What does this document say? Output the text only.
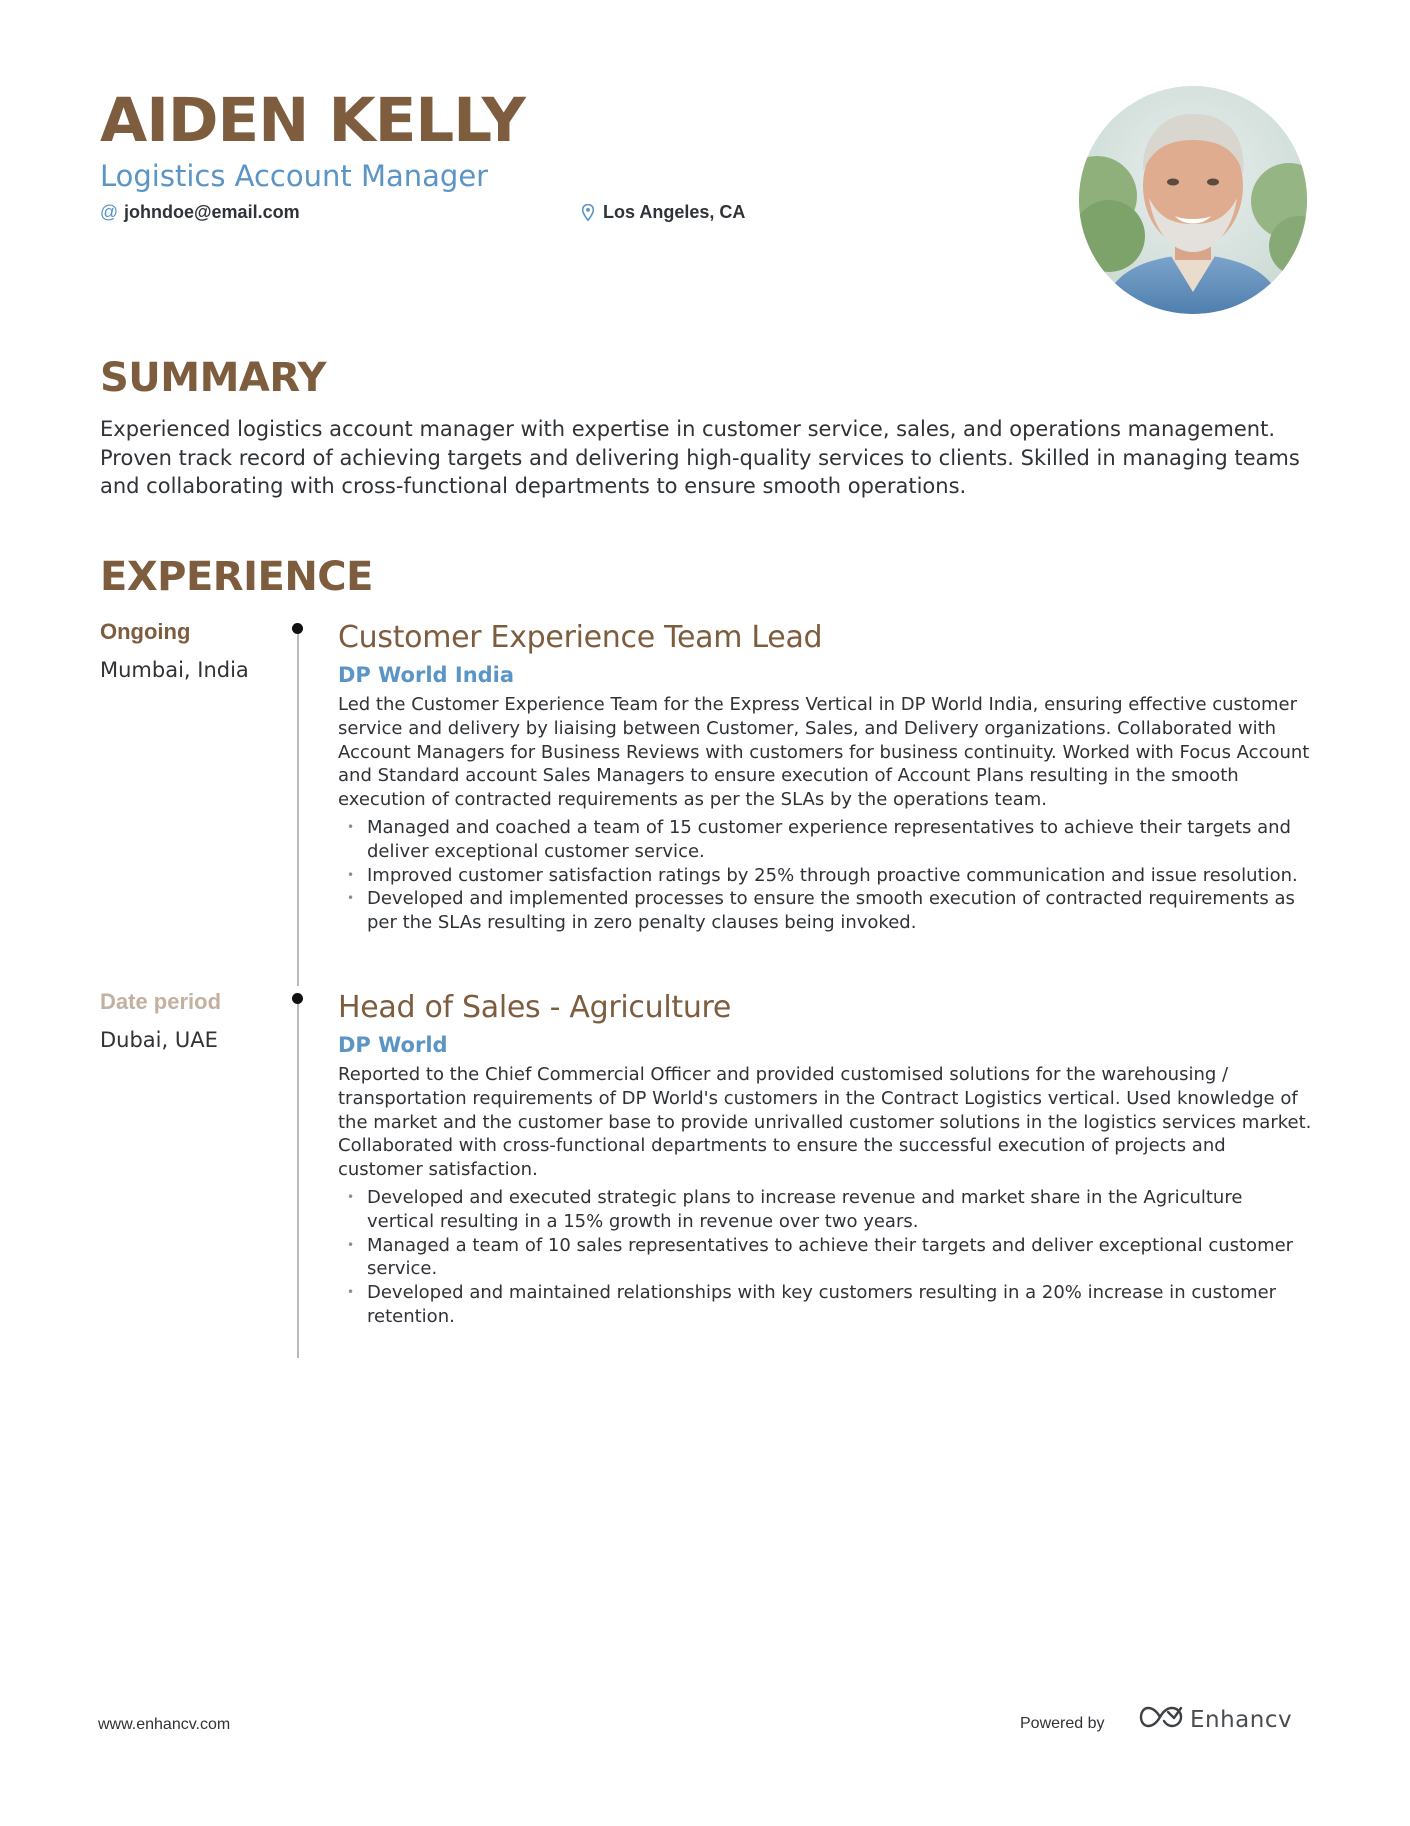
AIDEN KELLY
Logistics Account Manager
@ johndoe@email.com	Los Angeles, CA
SUMMARY

Experienced logistics account manager with expertise in customer service, sales, and operations management. Proven track record of achieving targets and delivering high-quality services to clients. Skilled in managing teams and collaborating with cross-functional departments to ensure smooth operations.

EXPERIENCE
Ongoing
Mumbai, India
Customer Experience Team Lead
DP World India

Led the Customer Experience Team for the Express Vertical in DP World India, ensuring effective customer service and delivery by liaising between Customer, Sales, and Delivery organizations. Collaborated with Account Managers for Business Reviews with customers for business continuity. Worked with Focus Account and Standard account Sales Managers to ensure execution of Account Plans resulting in the smooth execution of contracted requirements as per the SLAs by the operations team.

• Managed and coached a team of 15 customer experience representatives to achieve their targets and deliver exceptional customer service.
• Improved customer satisfaction ratings by 25% through proactive communication and issue resolution.
• Developed and implemented processes to ensure the smooth execution of contracted requirements as per the SLAs resulting in zero penalty clauses being invoked.
Date period
Dubai, UAE
Head of Sales - Agriculture
DP World

Reported to the Chief Commercial Officer and provided customised solutions for the warehousing / transportation requirements of DP World's customers in the Contract Logistics vertical. Used knowledge of the market and the customer base to provide unrivalled customer solutions in the logistics services market. Collaborated with cross-functional departments to ensure the successful execution of projects and customer satisfaction.

• Developed and executed strategic plans to increase revenue and market share in the Agriculture vertical resulting in a 15% growth in revenue over two years.
• Managed a team of 10 sales representatives to achieve their targets and deliver exceptional customer service.
• Developed and maintained relationships with key customers resulting in a 20% increase in customer retention.
www.enhancv.com	Powered by	Enhancv
